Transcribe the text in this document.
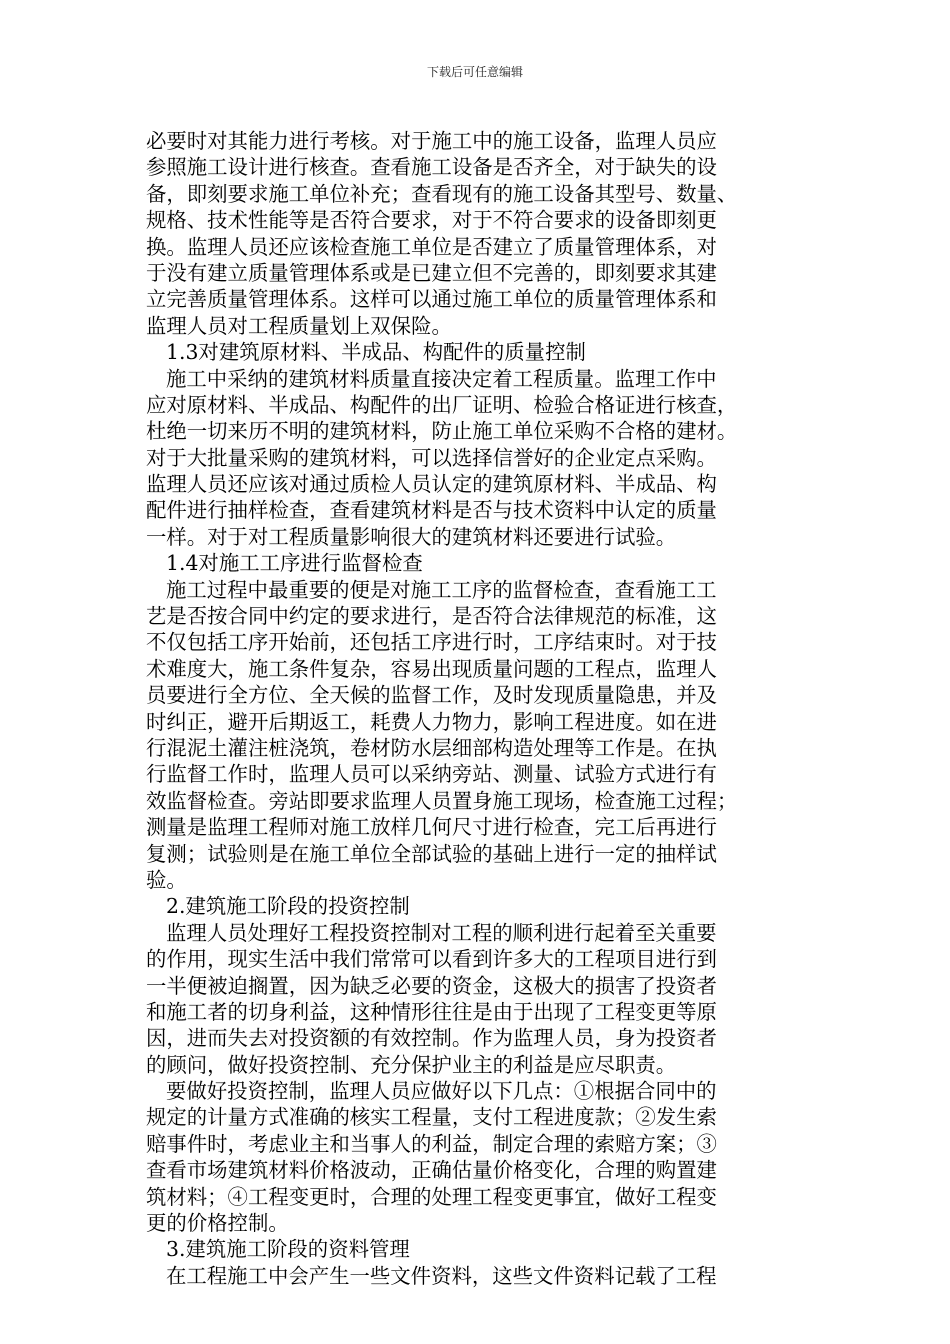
下载后可任意编辑
必要时对其能力进行考核。对于施工中的施工设备，监理人员应
参照施工设计进行核查。查看施工设备是否齐全，对于缺失的设
备，即刻要求施工单位补充；查看现有的施工设备其型号、数量、
规格、技术性能等是否符合要求，对于不符合要求的设备即刻更
换。监理人员还应该检查施工单位是否建立了质量管理体系，对
于没有建立质量管理体系或是已建立但不完善的，即刻要求其建
立完善质量管理体系。这样可以通过施工单位的质量管理体系和
监理人员对工程质量划上双保险。
1.3对建筑原材料、半成品、构配件的质量控制
施工中采纳的建筑材料质量直接决定着工程质量。监理工作中
应对原材料、半成品、构配件的出厂证明、检验合格证进行核查，
杜绝一切来历不明的建筑材料，防止施工单位采购不合格的建材。
对于大批量采购的建筑材料，可以选择信誉好的企业定点采购。
监理人员还应该对通过质检人员认定的建筑原材料、半成品、构
配件进行抽样检查，查看建筑材料是否与技术资料中认定的质量
一样。对于对工程质量影响很大的建筑材料还要进行试验。
1.4对施工工序进行监督检查
施工过程中最重要的便是对施工工序的监督检查，查看施工工
艺是否按合同中约定的要求进行，是否符合法律规范的标准，这
不仅包括工序开始前，还包括工序进行时，工序结束时。对于技
术难度大，施工条件复杂，容易出现质量问题的工程点，监理人
员要进行全方位、全天候的监督工作，及时发现质量隐患，并及
时纠正，避开后期返工，耗费人力物力，影响工程进度。如在进
行混泥土灌注桩浇筑，卷材防水层细部构造处理等工作是。在执
行监督工作时，监理人员可以采纳旁站、测量、试验方式进行有
效监督检查。旁站即要求监理人员置身施工现场，检查施工过程；
测量是监理工程师对施工放样几何尺寸进行检查，完工后再进行
复测；试验则是在施工单位全部试验的基础上进行一定的抽样试
验。
2.建筑施工阶段的投资控制
监理人员处理好工程投资控制对工程的顺利进行起着至关重要
的作用，现实生活中我们常常可以看到许多大的工程项目进行到
一半便被迫搁置，因为缺乏必要的资金，这极大的损害了投资者
和施工者的切身利益，这种情形往往是由于出现了工程变更等原
因，进而失去对投资额的有效控制。作为监理人员，身为投资者
的顾问，做好投资控制、充分保护业主的利益是应尽职责。
要做好投资控制，监理人员应做好以下几点：①根据合同中的
规定的计量方式准确的核实工程量，支付工程进度款；②发生索
赔事件时，考虑业主和当事人的利益，制定合理的索赔方案；③
查看市场建筑材料价格波动，正确估量价格变化，合理的购置建
筑材料；④工程变更时，合理的处理工程变更事宜，做好工程变
更的价格控制。
3.建筑施工阶段的资料管理
在工程施工中会产生一些文件资料，这些文件资料记载了工程
